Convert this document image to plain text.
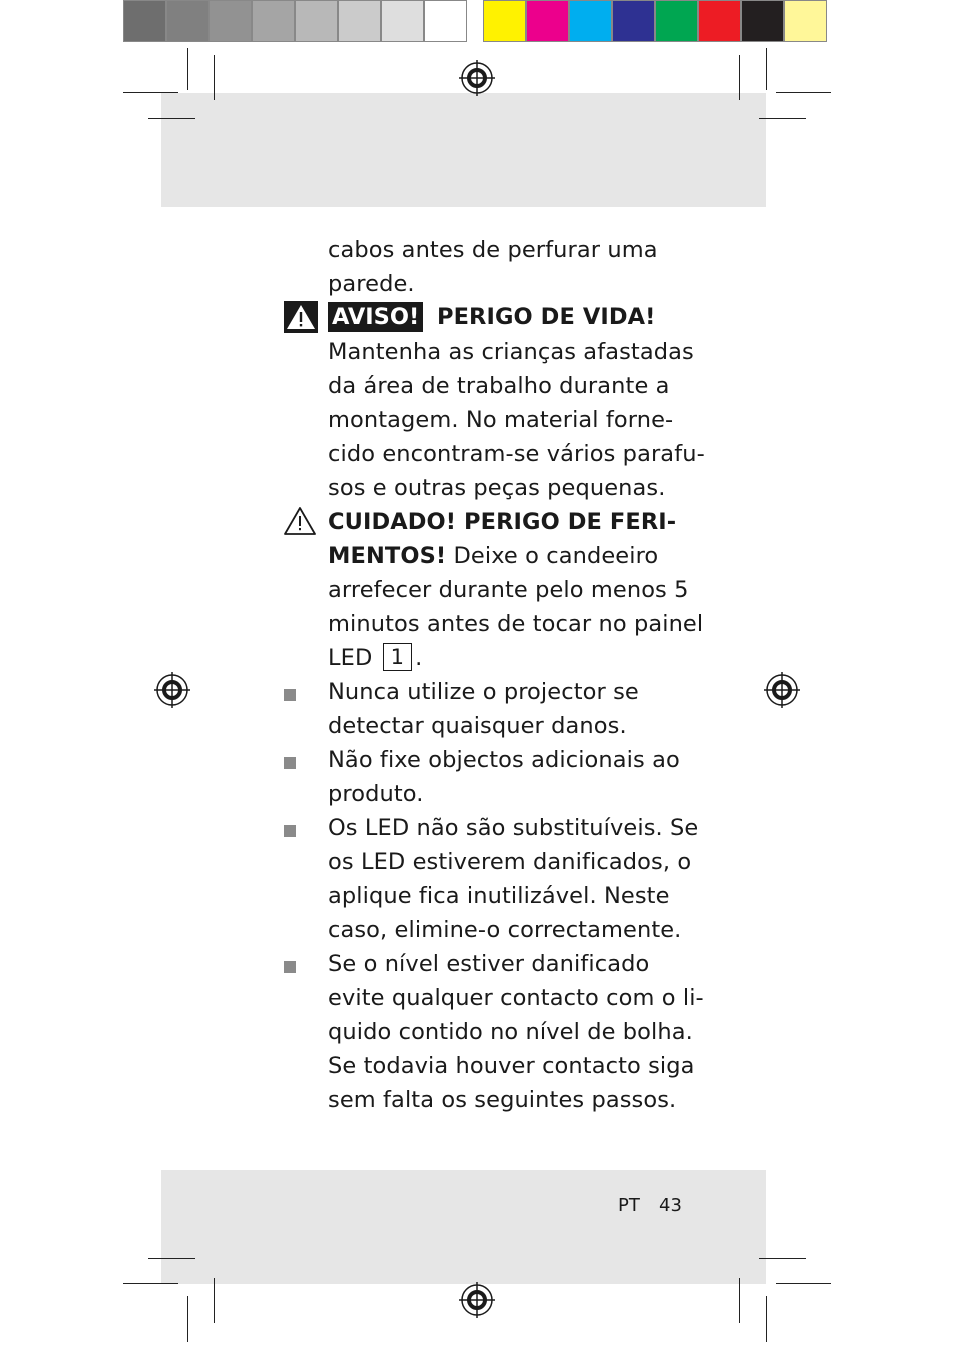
cabos antes de perfurar uma
parede.
AVISO! PERIGO DE VIDA!
Mantenha as crianças afastadas
da área de trabalho durante a
montagem. No material forne-
cido encontram-se vários parafu-
sos e outras peças pequenas.
CUIDADO! PERIGO DE FERI-
MENTOS! Deixe o candeeiro
arrefecer durante pelo menos 5
minutos antes de tocar no painel
LED 1 .
Nunca utilize o projector se
detectar quaisquer danos.
Não fixe objectos adicionais ao
produto.
Os LED não são substituíveis. Se
os LED estiverem danificados, o
aplique fica inutilizável. Neste
caso, elimine-o correctamente.
Se o nível estiver danificado
evite qualquer contacto com o li-
quido contido no nível de bolha.
Se todavia houver contacto siga
sem falta os seguintes passos.
PT 43
